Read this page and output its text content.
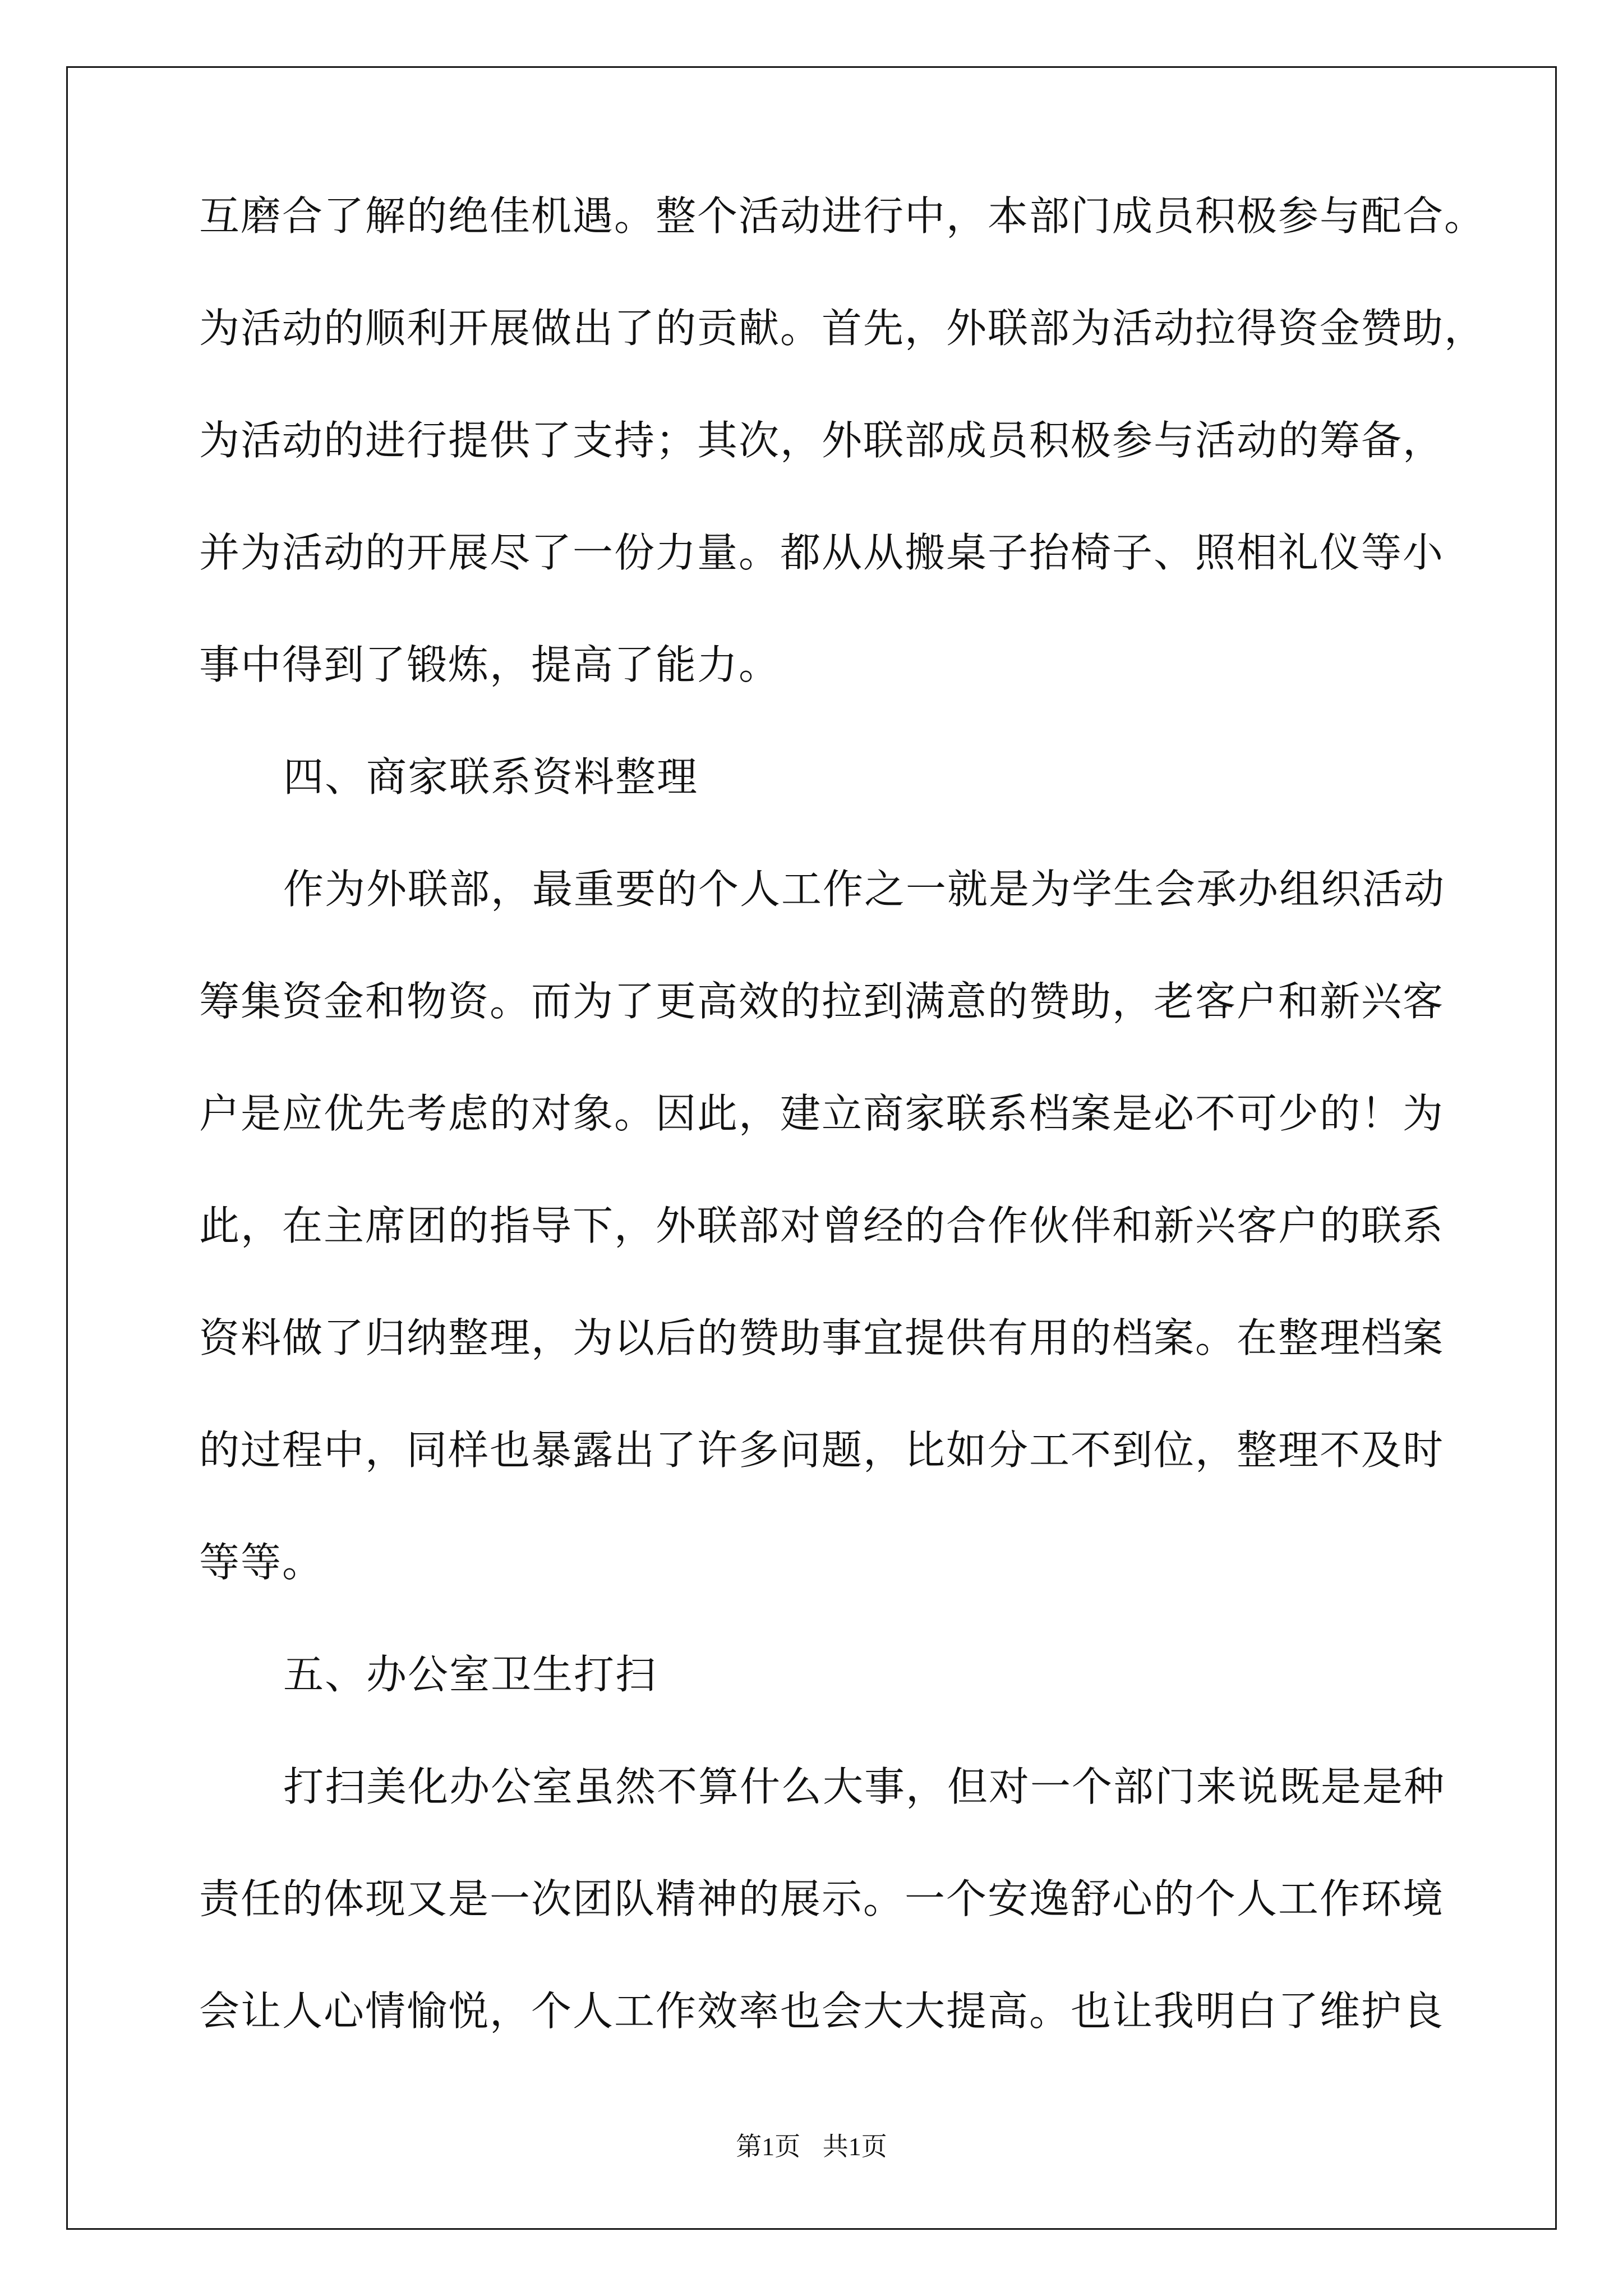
互磨合了解的绝佳机遇。整个活动进行中，本部门成员积极参与配合。

为活动的顺利开展做出了的贡献。首先，外联部为活动拉得资金赞助，

为活动的进行提供了支持；其次，外联部成员积极参与活动的筹备，

并为活动的开展尽了一份力量。都从从搬桌子抬椅子、照相礼仪等小

事中得到了锻炼，提高了能力。

四、商家联系资料整理

作为外联部，最重要的个人工作之一就是为学生会承办组织活动

筹集资金和物资。而为了更高效的拉到满意的赞助，老客户和新兴客

户是应优先考虑的对象。因此，建立商家联系档案是必不可少的！为

此，在主席团的指导下，外联部对曾经的合作伙伴和新兴客户的联系

资料做了归纳整理，为以后的赞助事宜提供有用的档案。在整理档案

的过程中，同样也暴露出了许多问题，比如分工不到位，整理不及时

等等。

五、办公室卫生打扫

打扫美化办公室虽然不算什么大事，但对一个部门来说既是是种

责任的体现又是一次团队精神的展示。一个安逸舒心的个人工作环境

会让人心情愉悦，个人工作效率也会大大提高。也让我明白了维护良

第1页 共1页
